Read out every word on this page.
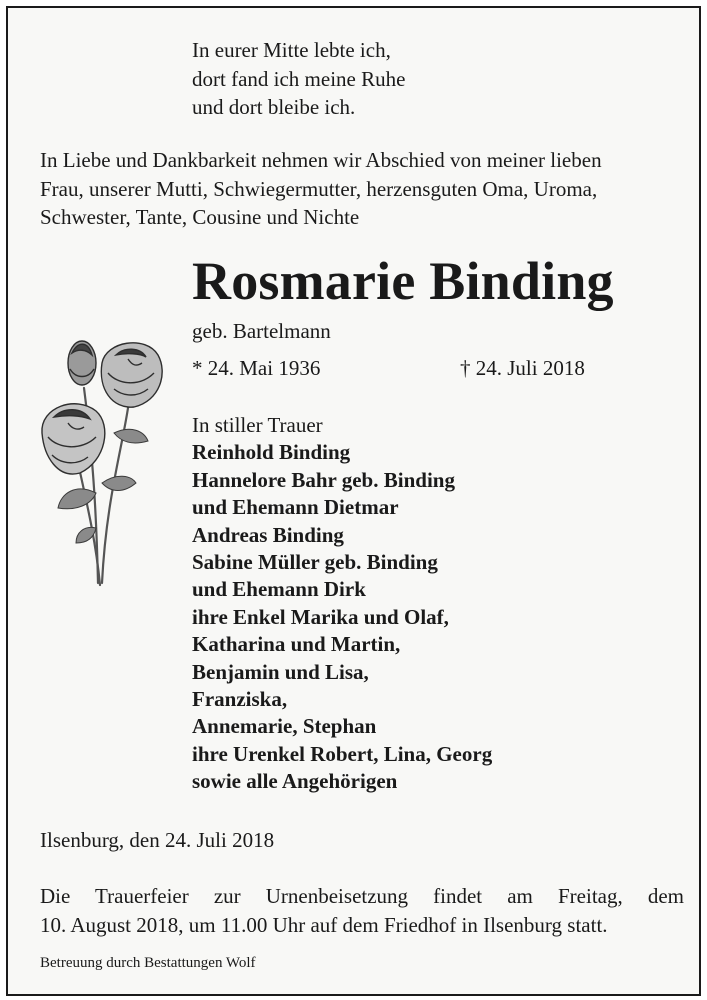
In eurer Mitte lebte ich,
dort fand ich meine Ruhe
und dort bleibe ich.
In Liebe und Dankbarkeit nehmen wir Abschied von meiner lieben
Frau, unserer Mutti, Schwiegermutter, herzensguten Oma, Uroma,
Schwester, Tante, Cousine und Nichte
Rosmarie Binding
geb. Bartelmann
* 24. Mai 1936	† 24. Juli 2018
In stiller Trauer
Reinhold Binding
Hannelore Bahr geb. Binding
und Ehemann Dietmar
Andreas Binding
Sabine Müller geb. Binding
und Ehemann Dirk
ihre Enkel Marika und Olaf,
Katharina und Martin,
Benjamin und Lisa,
Franziska,
Annemarie, Stephan
ihre Urenkel Robert, Lina, Georg
sowie alle Angehörigen
Ilsenburg, den 24. Juli 2018
Die Trauerfeier zur Urnenbeisetzung findet am Freitag, dem
10. August 2018, um 11.00 Uhr auf dem Friedhof in Ilsenburg statt.
Betreuung durch Bestattungen Wolf
